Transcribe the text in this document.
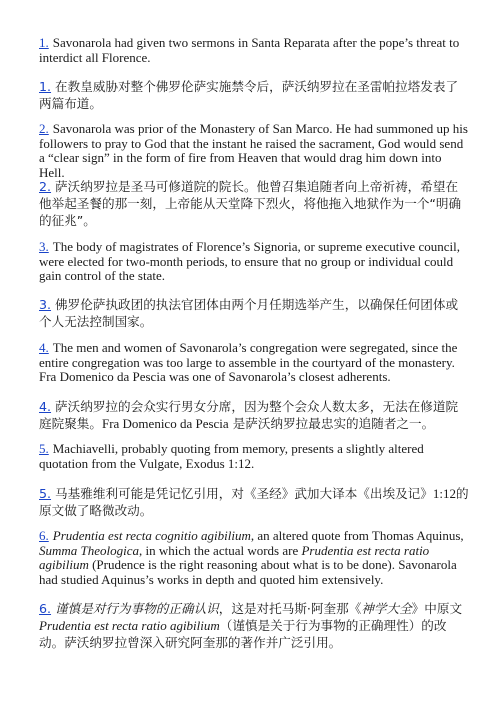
1. Savonarola had given two sermons in Santa Reparata after the pope’s threat to interdict all Florence.

1. 在教皇威胁对整个佛罗伦萨实施禁令后，萨沃纳罗拉在圣雷帕拉塔发表了两篇布道。

2. Savonarola was prior of the Monastery of San Marco. He had summoned up his followers to pray to God that the instant he raised the sacrament, God would send a “clear sign” in the form of fire from Heaven that would drag him down into Hell.

2. 萨沃纳罗拉是圣马可修道院的院长。他曾召集追随者向上帝祈祷，希望在他举起圣餐的那一刻，上帝能从天堂降下烈火，将他拖入地狱作为一个“明确的征兆”。

3. The body of magistrates of Florence’s Signoria, or supreme executive council, were elected for two-month periods, to ensure that no group or individual could gain control of the state.

3. 佛罗伦萨执政团的执法官团体由两个月任期选举产生，以确保任何团体或个人无法控制国家。

4. The men and women of Savonarola’s congregation were segregated, since the entire congregation was too large to assemble in the courtyard of the monastery. Fra Domenico da Pescia was one of Savonarola’s closest adherents.

4. 萨沃纳罗拉的会众实行男女分席，因为整个会众人数太多，无法在修道院庭院聚集。Fra Domenico da Pescia 是萨沃纳罗拉最忠实的追随者之一。

5. Machiavelli, probably quoting from memory, presents a slightly altered quotation from the Vulgate, Exodus 1:12.

5. 马基雅维利可能是凭记忆引用，对《圣经》武加大译本《出埃及记》1:12的原文做了略微改动。

6. Prudentia est recta cognitio agibilium, an altered quote from Thomas Aquinus, Summa Theologica, in which the actual words are Prudentia est recta ratio agibilium (Prudence is the right reasoning about what is to be done). Savonarola had studied Aquinus’s works in depth and quoted him extensively.

6. 谨慎是对行为事物的正确认识，这是对托马斯·阿奎那《神学大全》中原文Prudentia est recta ratio agibilium（谨慎是关于行为事物的正确理性）的改动。萨沃纳罗拉曾深入研究阿奎那的著作并广泛引用。
